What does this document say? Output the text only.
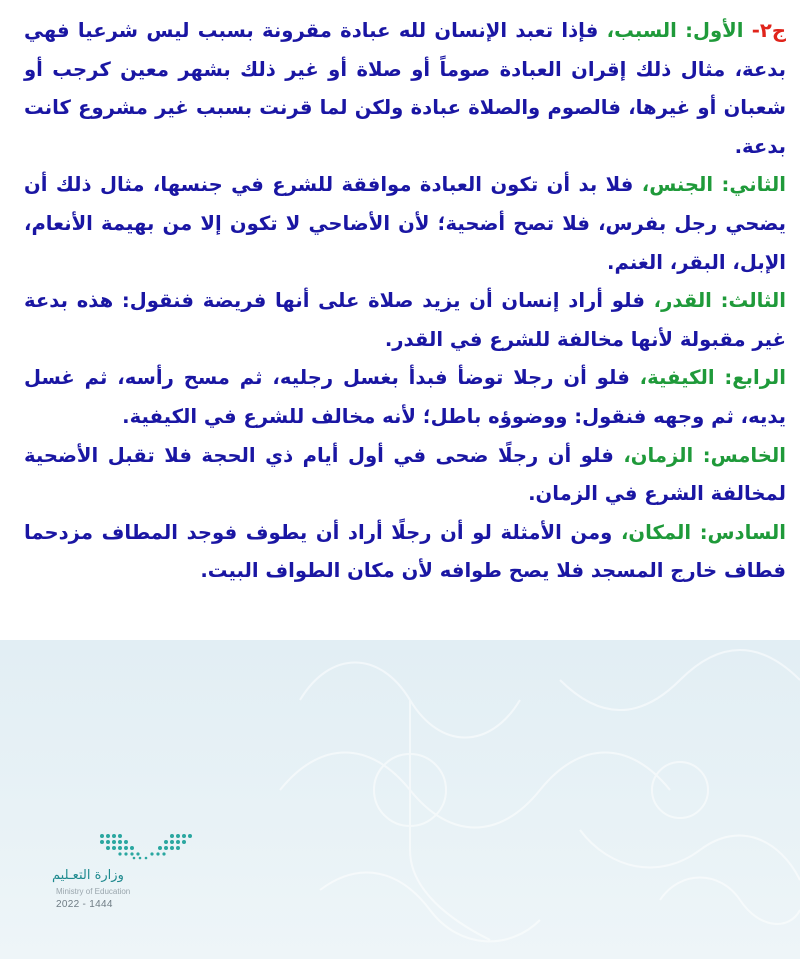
ج٢- الأول: السبب، فإذا تعبد الإنسان لله عبادة مقرونة بسبب ليس شرعيا فهي بدعة، مثال ذلك إقران العبادة صوماً أو صلاة أو غير ذلك بشهر معين كرجب أو شعبان أو غيرها، فالصوم والصلاة عبادة ولكن لما قرنت بسبب غير مشروع كانت بدعة.

الثاني: الجنس، فلا بد أن تكون العبادة موافقة للشرع في جنسها، مثال ذلك أن يضحي رجل بفرس، فلا تصح أضحية؛ لأن الأضاحي لا تكون إلا من بهيمة الأنعام، الإبل، البقر، الغنم.

الثالث: القدر، فلو أراد إنسان أن يزيد صلاة على أنها فريضة فنقول: هذه بدعة غير مقبولة لأنها مخالفة للشرع في القدر.

الرابع: الكيفية، فلو أن رجلا توضأ فبدأ بغسل رجليه، ثم مسح رأسه، ثم غسل يديه، ثم وجهه فنقول: ووضوؤه باطل؛ لأنه مخالف للشرع في الكيفية.

الخامس: الزمان، فلو أن رجلًا ضحى في أول أيام ذي الحجة فلا تقبل الأضحية لمخالفة الشرع في الزمان.

السادس: المكان، ومن الأمثلة لو أن رجلًا أراد أن يطوف فوجد المطاف مزدحما فطاف خارج المسجد فلا يصح طوافه لأن مكان الطواف البيت.

وزارة التعـليم
Ministry of Education
2022 - 1444
